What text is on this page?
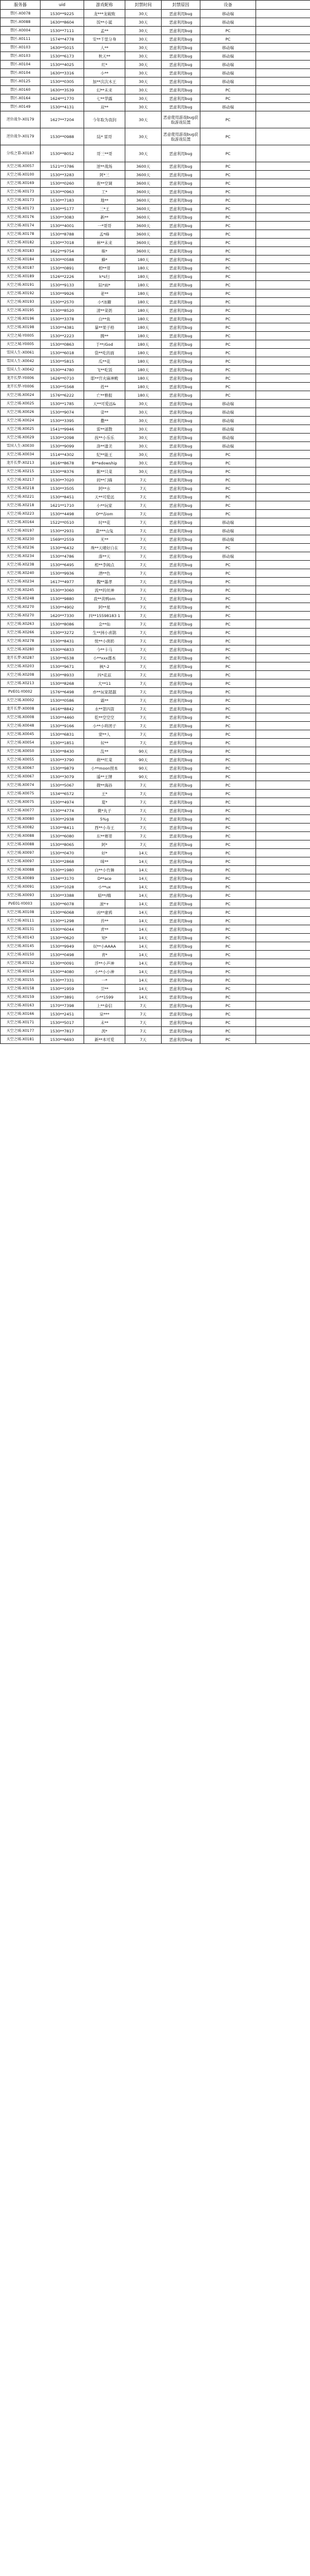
服务器	uid	游戏昵称	封禁时间	封禁原因	设备	
禁区-X0078	1530**9225	龙***龙破败	30天	恶意利用bug	移动端	
禁区-X0088	1630**8604	饭**小鲨	30天	恶意利用bug	移动端	
禁区-X0004	1530**7111	孟**	30天	恶意利用bug	PC	
禁区-X0111	1574**4778	安**千里分身	30天	恶意利用bug	PC	
禁区-X0103	1630**5015	人**	30天	恶意利用bug	移动端	
禁区-X0103	1530**6173	秋天**	30天	恶意利用bug	移动端	
禁区-X0104	1530**4025	红*	30天	恶意利用bug	移动端	
禁区-X0104	1630**3316	小**	30天	恶意利用bug	移动端	
禁区-X0125	1530**0305	加**次次木王	30天	恶意利用bug	移动端	
禁区-X0160	1630**3539	幻**未来	30天	恶意利用bug	PC	
禁区-X0164	1624**1770	七**华露	30天	恶意利用bug	PC	
禁区-X0149	1530**4131	双**	30天	恶意利用bug	移动端	
逆位战争-X0179	1627**7204	今年取为我润	30天	恶意使用游戏bug获取游戏装置	PC	
逆位战争-X0179	1530**0988	陆* 雷哥	30天	恶意使用游戏bug获取游戏装置	PC	
分枝之幕-X0187	1530**8052	哥三**哥	30天	恶意利用bug	PC	
天空之城-X0057	1521**3786	逆**战场	3600天	恶意利用bug	PC	
天空之城-X0100	1530**3283	阿*三	3600天	恶意利用bug	PC	
天空之城-X0169	1530**0260	夜**空调	3600天	恶意利用bug	PC	
天空之城-X0173	1530**0963	工*	3600天	恶意利用bug	PC	
天空之城-X0173	1530**7183	地**	3600天	恶意利用bug	PC	
天空之城-X0173	1530**5177	三*王	3600天	恶意利用bug	PC	
天空之城-X0176	1530**3083	新**	3600天	恶意利用bug	PC	
天空之城-X0174	1530**4001	一*哥哥	3600天	恶意利用bug	PC	
天空之城-X0178	1530**8788	孟*峰	3600天	恶意利用bug	PC	
天空之城-X0182	1530**7018	林**未来	3600天	恶意利用bug	PC	
天空之城-X0183	1622**9754	咪*	3600天	恶意利用bug	PC	
天空之城-X0184	1530**0588	蜂*	180天	恶意利用bug	PC	
天空之城-X0187	1530**0891	相**哥	180天	恶意利用bug	PC	
天空之城-X0189	1526**2226	k*s归	180天	恶意利用bug	PC	
天空之城-X0191	1530**9133	陆*雨*	180天	恶意利用bug	PC	
天空之城-X0192	1530**9926	老**	180天	恶意利用bug	PC	
天空之城-X0193	1530**2570	小*冰糖	180天	恶意利用bug	PC	
天空之城-X0195	1530**8520	清**菜奶	180天	恶意利用bug	PC	
天空之城-X0196	1530**3378	白**鱼	180天	恶意利用bug	PC	
天空之城-X0198	1530**4381	暴**果子格	180天	恶意利用bug	PC	
天空之城-Y0005	1530**2223	腾**	180天	恶意利用bug	PC	
天空之城-Y0005	1530**0863	于**/God	180天	恶意利用bug	PC	
雪国人生-X0061	1530**6018	袋**吃的面	180天	恶意利用bug	PC	
雪国人生-X0042	1530**5815	瓜**花	180天	恶意利用bug	PC	
雪国人生-X0042	1530**4780	飞**吃饭	180天	恶意利用bug	PC	
龙开长梦-Y0006	1626**0710	耶**宫火麻神殿	180天	恶意利用bug	PC	
龙开长梦-Y0006	1530**5568	姓**	180天	恶意利用bug	PC	
天空之城-X0024	1576**6222	亡**雅报	180天	恶意利用bug	PC	
天空之城-X0025	1530**1785	天**可爱远&	30天	恶意利用bug	移动端	
天空之城-X0026	1530**9074	旁**	30天	恶意利用bug	移动端	
天空之城-X0024	1530**3395	撒**	30天	恶意利用bug	移动端	
天空之城-X0025	1541**9946	雷**道散	30天	恶意利用bug	移动端	
天空之城-X0029	1530**2098	孩**小乐乐	30天	恶意利用bug	移动端	
雪国人生-X0030	1530**9099	洛**遗美	30天	恶意利用bug	移动端	
天空之城-X0034	1514**4302	纪**能王	30天	恶意利用bug	PC	
龙开长梦-X0213	1616**8678	B**edowship	30天	恶意利用bug	PC	
天空之城-X0215	1530**8376	陈**只菜	30天	恶意利用bug	PC	
天空之城-X0217	1530**7020	间**门喵	7天	恶意利用bug	PC	
天空之城-X0218	1530**3505	阿**水	7天	恶意利用bug	PC	
天空之城-X0221	1530**8451	天**可爱远	7天	恶意利用bug	PC	
天空之城-X0218	1621**1710	小**玩家	7天	恶意利用bug	PC	
天空之城-X0223	1530**4498	O**春om	7天	恶意利用bug	PC	
天空之城-X0164	1522**0510	时**花	7天	恶意利用bug	移动端	
天空之城-X0197	1530**2931	蛊***山兔	7天	恶意利用bug	移动端	
天空之城-X0230	1569**2559	无**	7天	恶意利用bug	移动端	
天空之城-X0236	1530**6432	珠**天晴好自在	7天	恶意利用bug	PC	
天空之城-X0234	1530**4786	落**天	7天	恶意利用bug	移动端	
天空之城-X0238	1530**6495	相**李阁点	7天	恶意利用bug	PC	
天空之城-X0240	1530**9936	酒**色	7天	恶意利用bug	PC	
天空之城-X0234	1617**4977	魏**墨孝	7天	恶意利用bug	PC	
天空之城-X0245	1530**3060	流**的丝神	7天	恶意利用bug	PC	
天空之城-X0248	1530**9880	我**黄鸭om	7天	恶意利用bug	PC	
天空之城-X0270	1530**4902	阿**星	7天	恶意利用bug	PC	
天空之城-X0270	1620**7330	四**15598183 1	7天	恶意利用bug	PC	
天空之城-X0263	1530**8086	金**仙	7天	恶意利用bug	PC	
天空之城-X0266	1530**3272	生**洲小喜鹊	7天	恶意利用bug	PC	
天空之城-X0278	1530**8431	悦**小萌奶	7天	恶意利用bug	PC	
天空之城-X0280	1530**6833	今**卡马	7天	恶意利用bug	PC	
龙开长梦-X0287	1530**6538	小**xxx郡本	7天	恶意利用bug	PC	
天空之城-X0203	1530**9671	枫*-2	7天	恶意利用bug	PC	
天空之城-X0208	1530**8933	四*花兹	7天	恶意利用bug	PC	
天空之城-X0213	1530**8268	大**11	7天	恶意利用bug	PC	
PVE01-Y0002	1576**6498	亦**玩家超越	7天	恶意利用bug	PC	
天空之城-X0002	1530**0586	霜**	7天	恶意利用bug	PC	
龙开长梦-X0008	1616**8842	水**第四箭	7天	恶意利用bug	PC	
天空之城-X0008	1530**4460	乾**空空空	7天	恶意利用bug	PC	
天空之城-X0048	1530**9166	小**小咚团子	7天	恶意利用bug	PC	
天空之城-X0045	1530**6831	蒙**人	7天	恶意利用bug	PC	
天空之城-X0054	1530**1851	奴**	7天	恶意利用bug	PC	
天空之城-X0050	1530**8430	乱**	90天	恶意利用bug	PC	
天空之城-X0055	1530**3790	萌**红菜	90天	恶意利用bug	PC	
天空之城-X0067	1530**9879	小**moon照本	90天	恶意利用bug	PC	
天空之城-X0067	1530**3079	遥**王牌	90天	恶意利用bug	PC	
天空之城-X0074	1530**5067	微**海孙	7天	恶意利用bug	PC	
天空之城-X0075	1534**6572	王*	7天	恶意利用bug	PC	
天空之城-X0075	1530**4974	夏*	7天	恶意利用bug	PC	
天空之城-X0077	1530**4774	微*丸子	7天	恶意利用bug	PC	
天空之城-X0080	1530**2938	5%g	7天	恶意利用bug	PC	
天空之城-X0082	1530**8411	西**小寿王	7天	恶意利用bug	PC	
天空之城-X0088	1530**6080	东**赛哥	7天	恶意利用bug	PC	
天空之城-X0088	1530**8065	阿*	7天	恶意利用bug	PC	
天空之城-X0097	1530**0470	好*	14天	恶意利用bug	PC	
天空之城-X0097	1530**2868	咪**	14天	恶意利用bug	PC	
天空之城-X0088	1530**1980	白**小竹舞	14天	恶意利用bug	PC	
天空之城-X0089	1534**3170	D**ace	14天	恶意利用bug	PC	
天空之城-X0091	1530**1028	小**ux	14天	恶意利用bug	PC	
天空之城-X0093	1530**3388	暗**/嗨	14天	恶意利用bug	PC	
PVE01-Y0003	1530**6078	滚*+	14天	恶意利用bug	PC	
天空之城-X0108	1530**6068	凶**虚鸦	14天	恶意利用bug	PC	
天空之城-X0111	1530**1298	苔**	14天	恶意利用bug	PC	
天空之城-X0131	1530**6044	青**	14天	恶意利用bug	PC	
天空之城-X0143	1530**0620	知*	14天	恶意利用bug	PC	
天空之城-X0145	1530**9949	奴**小AAAA	14天	恶意利用bug	PC	
天空之城-X0150	1530**0498	青*	14天	恶意利用bug	PC	
天空之城-X0152	1530**0091	浮**小芦神	14天	恶意利用bug	PC	
天空之城-X0154	1530**4080	小**小小神	14天	恶意利用bug	PC	
天空之城-X0155	1530**7331	一*	14天	恶意利用bug	PC	
天空之城-X0158	1530**1959	卫**	14天	恶意利用bug	PC	
天空之城-X0159	1530**3891	小**1599	14天	恶意利用bug	PC	
天空之城-X0163	1570**7398	上**泰信	7天	恶意利用bug	PC	
天空之城-X0166	1530**2451	泉***	7天	恶意利用bug	PC	
天空之城-X0171	1530**5017	未**	7天	恶意利用bug	PC	
天空之城-X0177	1530**7817	茜*	7天	恶意利用bug	PC	
天空之城-X0181	1530**6693	新**本可爱	7天	恶意利用bug	PC	
